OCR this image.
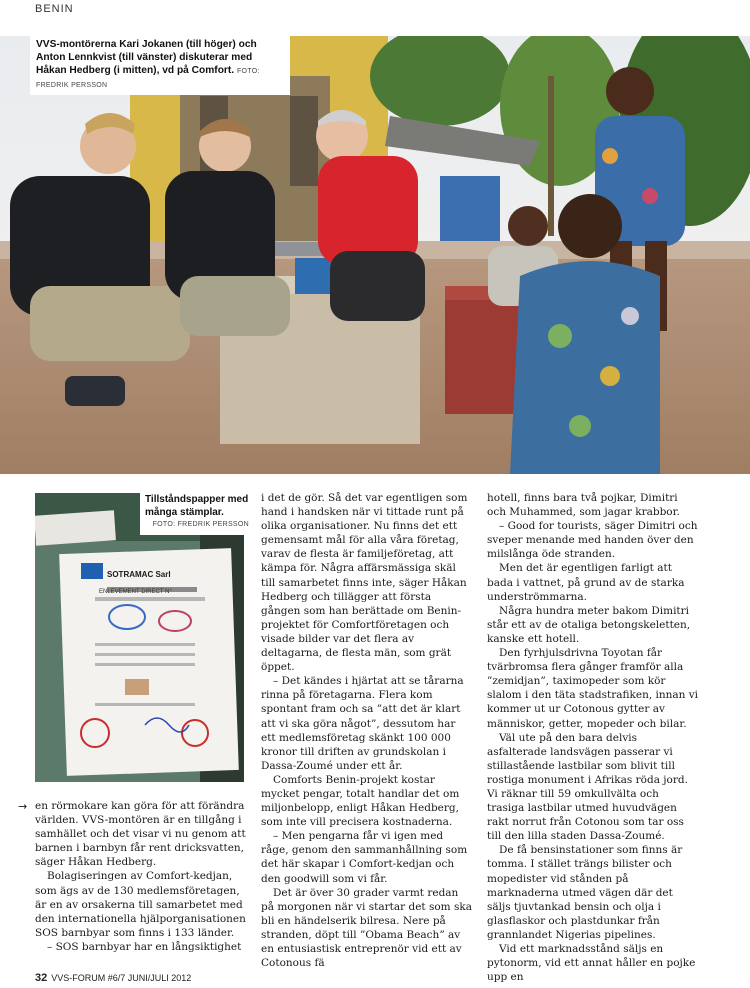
BENIN
VVS-montörerna Kari Jokanen (till höger) och Anton Lennkvist (till vänster) diskuterar med Håkan Hedberg (i mitten), vd på Comfort. FOTO: FREDRIK PERSSON
SOTRAMAC Sarl
ENLEVEMENT DIRECT N°
Tillståndspapper med många stämplar.
FOTO: FREDRIK PERSSON
→ en rörmokare kan göra för att förändra världen. VVS-montören är en tillgång i samhället och det visar vi nu genom att barnen i barnbyn får rent dricksvatten, säger Håkan Hedberg.

Bolagiseringen av Comfort-kedjan, som ägs av de 130 medlemsföretagen, är en av orsakerna till samarbetet med den internationella hjälporganisationen SOS barnbyar som finns i 133 länder.

– SOS barnbyar har en långsiktighet

i det de gör. Så det var egentligen som hand i handsken när vi tittade runt på olika organisationer. Nu finns det ett gemensamt mål för alla våra företag, varav de flesta är familjeföretag, att kämpa för. Några affärsmässiga skäl till samarbetet finns inte, säger Håkan Hedberg och tillägger att första gången som han berättade om Benin-projektet för Comfortföretagen och visade bilder var det flera av deltagarna, de flesta män, som grät öppet.

– Det kändes i hjärtat att se tårarna rinna på företagarna. Flera kom spontant fram och sa ”att det är klart att vi ska göra något”, dessutom har ett medlemsföretag skänkt 100 000 kronor till driften av grundskolan i Dassa-Zoumé under ett år.

Comforts Benin-projekt kostar mycket pengar, totalt handlar det om miljonbelopp, enligt Håkan Hedberg, som inte vill precisera kostnaderna.

– Men pengarna får vi igen med råge, genom den sammanhållning som det här skapar i Comfort-kedjan och den goodwill som vi får.

Det är över 30 grader varmt redan på morgonen när vi startar det som ska bli en händelserik bilresa. Nere på stranden, döpt till ”Obama Beach” av en entusiastisk entreprenör vid ett av Cotonous fä

hotell, finns bara två pojkar, Dimitri och Muhammed, som jagar krabbor.

– Good for tourists, säger Dimitri och sveper menande med handen över den milslånga öde stranden.

Men det är egentligen farligt att bada i vattnet, på grund av de starka underströmmarna.

Några hundra meter bakom Dimitri står ett av de otaliga betongskeletten, kanske ett hotell.

Den fyrhjulsdrivna Toyotan får tvärbromsa flera gånger framför alla ”zemidjan”, taximopeder som kör slalom i den täta stadstrafiken, innan vi kommer ut ur Cotonous gytter av människor, getter, mopeder och bilar.

Väl ute på den bara delvis asfalterade landsvägen passerar vi stillastående lastbilar som blivit till rostiga monument i Afrikas röda jord. Vi räknar till 59 omkullvälta och trasiga lastbilar utmed huvudvägen rakt norrut från Cotonou som tar oss till den lilla staden Dassa-Zoumé.

De få bensinstationer som finns är tomma. I stället trängs bilister och mopedister vid stånden på marknaderna utmed vägen där det säljs tjuvtankad bensin och olja i glasflaskor och plastdunkar från grannlandet Nigerias pipelines.

Vid ett marknadsstånd säljs en pytonorm, vid ett annat håller en pojke upp en

32 VVS-FORUM #6/7 JUNI/JULI 2012
